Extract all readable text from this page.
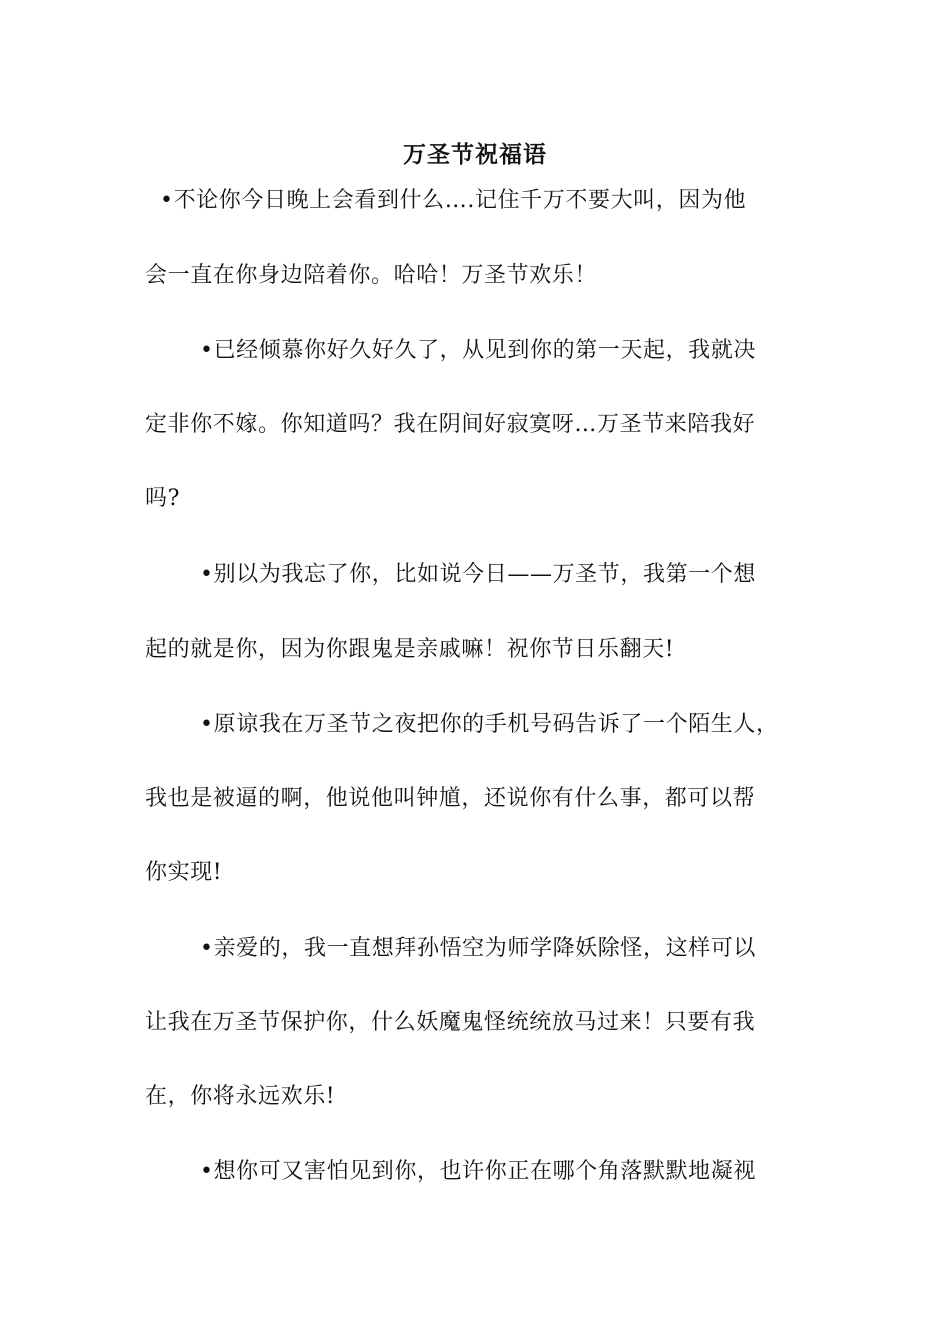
万圣节祝福语
•不论你今日晚上会看到什么….记住千万不要大叫，因为他
会一直在你身边陪着你。哈哈！万圣节欢乐！
•已经倾慕你好久好久了，从见到你的第一天起，我就决
定非你不嫁。你知道吗？我在阴间好寂寞呀…万圣节来陪我好
吗?
•别以为我忘了你，比如说今日——万圣节，我第一个想
起的就是你，因为你跟鬼是亲戚嘛！祝你节日乐翻天!
•原谅我在万圣节之夜把你的手机号码告诉了一个陌生人，
我也是被逼的啊，他说他叫钟馗，还说你有什么事，都可以帮
你实现!
•亲爱的，我一直想拜孙悟空为师学降妖除怪，这样可以
让我在万圣节保护你，什么妖魔鬼怪统统放马过来！只要有我
在，你将永远欢乐!
•想你可又害怕见到你，也许你正在哪个角落默默地凝视
